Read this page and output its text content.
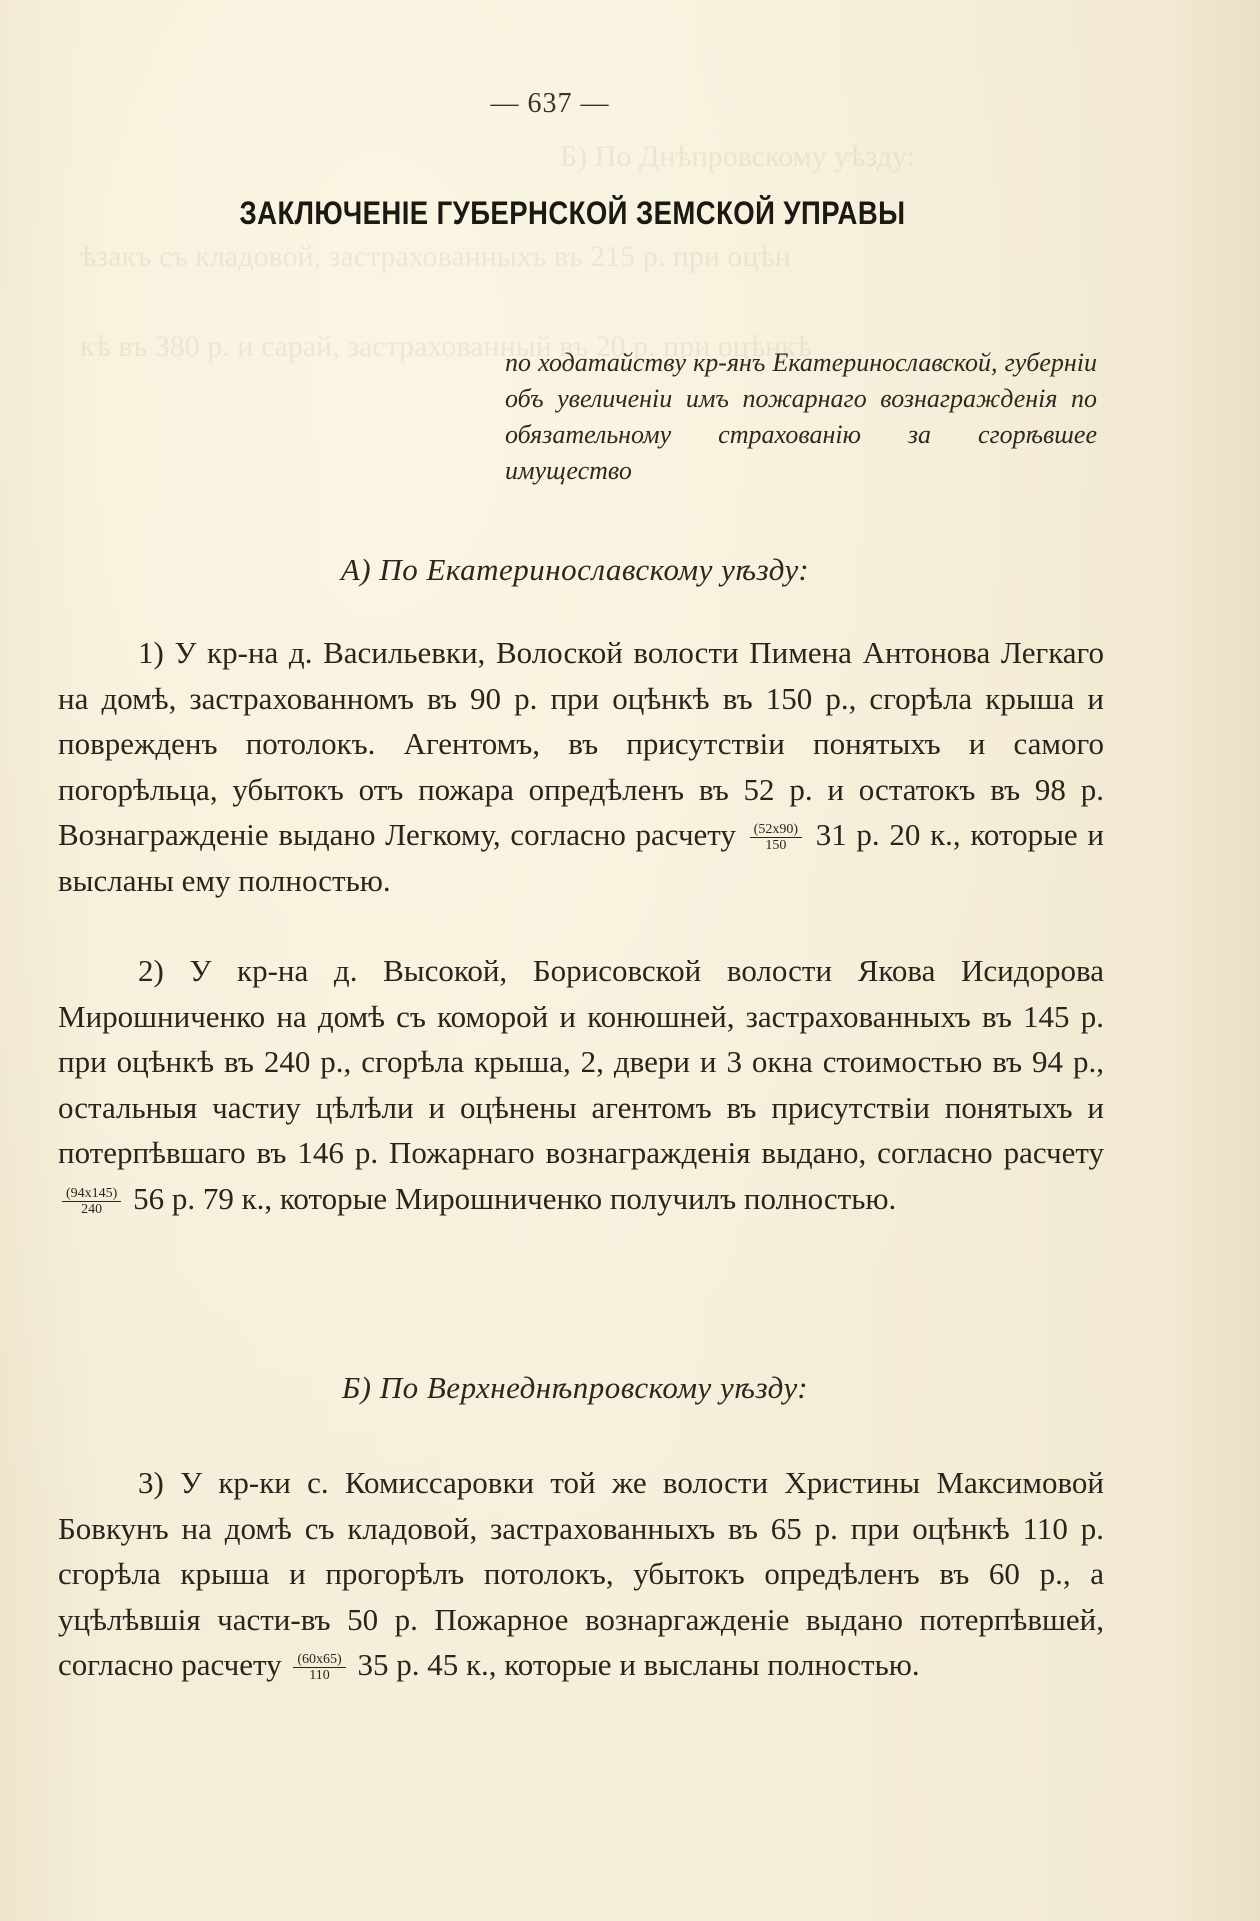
Б) По Днѣпровскому уѣзду:
ѣзакъ съ кладовой, застрахованныхъ въ 215 р. при оцѣн
кѣ въ 380 р. и сарай, застрахованный въ 20 р. при оцѣнкѣ
— 637 —
ЗАКЛЮЧЕНІЕ ГУБЕРНСКОЙ ЗЕМСКОЙ УПРАВЫ
по ходатайству кр-янъ Екатеринославской, губерніи объ увеличеніи имъ пожарнаго вознагражденія по обязательному страхованію за сгорѣвшее имущество
А) По Екатеринославскому уѣзду:
1) У кр-на д. Васильевки, Волоской волости Пимена Антонова Легкаго на домѣ, застрахованномъ въ 90 р. при оцѣнкѣ въ 150 р., сгорѣла крыша и поврежденъ потолокъ. Агентомъ, въ присутствіи понятыхъ и самого погорѣльца, убытокъ отъ пожара опредѣленъ въ 52 р. и остатокъ въ 98 р. Вознагражденіе выдано Легкому, согласно расчету $\frac{(52х90)}{150} 31$ р. 20 к., которые и высланы ему полностью.
2) У кр-на д. Высокой, Борисовской волости Якова Исидорова Мирошниченко на домѣ съ коморой и конюшней, застрахованныхъ въ 145 р. при оцѣнкѣ въ 240 р., сгорѣла крыша, 2, двери и 3 окна стоимостью въ 94 р., остальныя частиу цѣлѣли и оцѣнены агентомъ въ присутствіи понятыхъ и потерпѣвшаго въ 146 р. Пожарнаго вознагражденія выдано, согласно расчету
$\frac{(94х145)}{240} 56$ р. 79 к., которые Мирошниченко получилъ полностью.
Б) По Верхнеднѣпровскому уѣзду:
3) У кр-ки с. Комиссаровки той же волости Христины Максимовой Бовкунъ на домѣ съ кладовой, застрахованныхъ въ 65 р. при оцѣнкѣ 110 р. сгорѣла крыша и прогорѣлъ потолокъ, убытокъ опредѣленъ въ 60 р., а уцѣлѣвшія части-въ 50 р. Пожарное вознаргажденіе выдано потерпѣвшей, согласно расчету $\frac{(60х65)}{110} 35$ р. 45 к., которые и высланы полностью.
